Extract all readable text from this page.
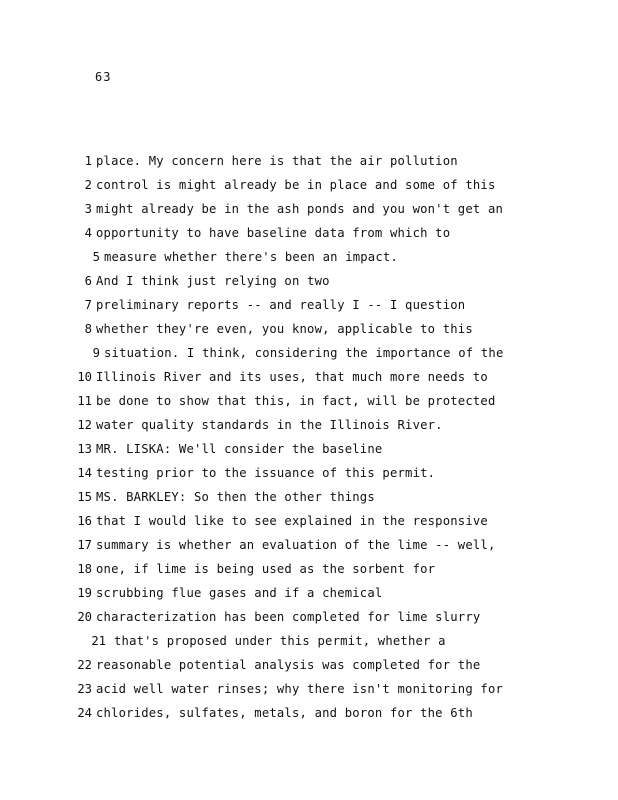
63
1 place. My concern here is that the air pollution
2 control is might already be in place and some of this
3 might already be in the ash ponds and you won't get an
4 opportunity to have baseline data from which to
5 measure whether there's been an impact.
6 And I think just relying on two
7 preliminary reports -- and really I -- I question
8 whether they're even, you know, applicable to this
9 situation. I think, considering the importance of the
10 Illinois River and its uses, that much more needs to
11 be done to show that this, in fact, will be protected
12 water quality standards in the Illinois River.
13 MR. LISKA: We'll consider the baseline
14 testing prior to the issuance of this permit.
15 MS. BARKLEY: So then the other things
16 that I would like to see explained in the responsive
17 summary is whether an evaluation of the lime -- well,
18 one, if lime is being used as the sorbent for
19 scrubbing flue gases and if a chemical
20 characterization has been completed for lime slurry
21 that's proposed under this permit, whether a
22 reasonable potential analysis was completed for the
23 acid well water rinses; why there isn't monitoring for
24 chlorides, sulfates, metals, and boron for the 6th
